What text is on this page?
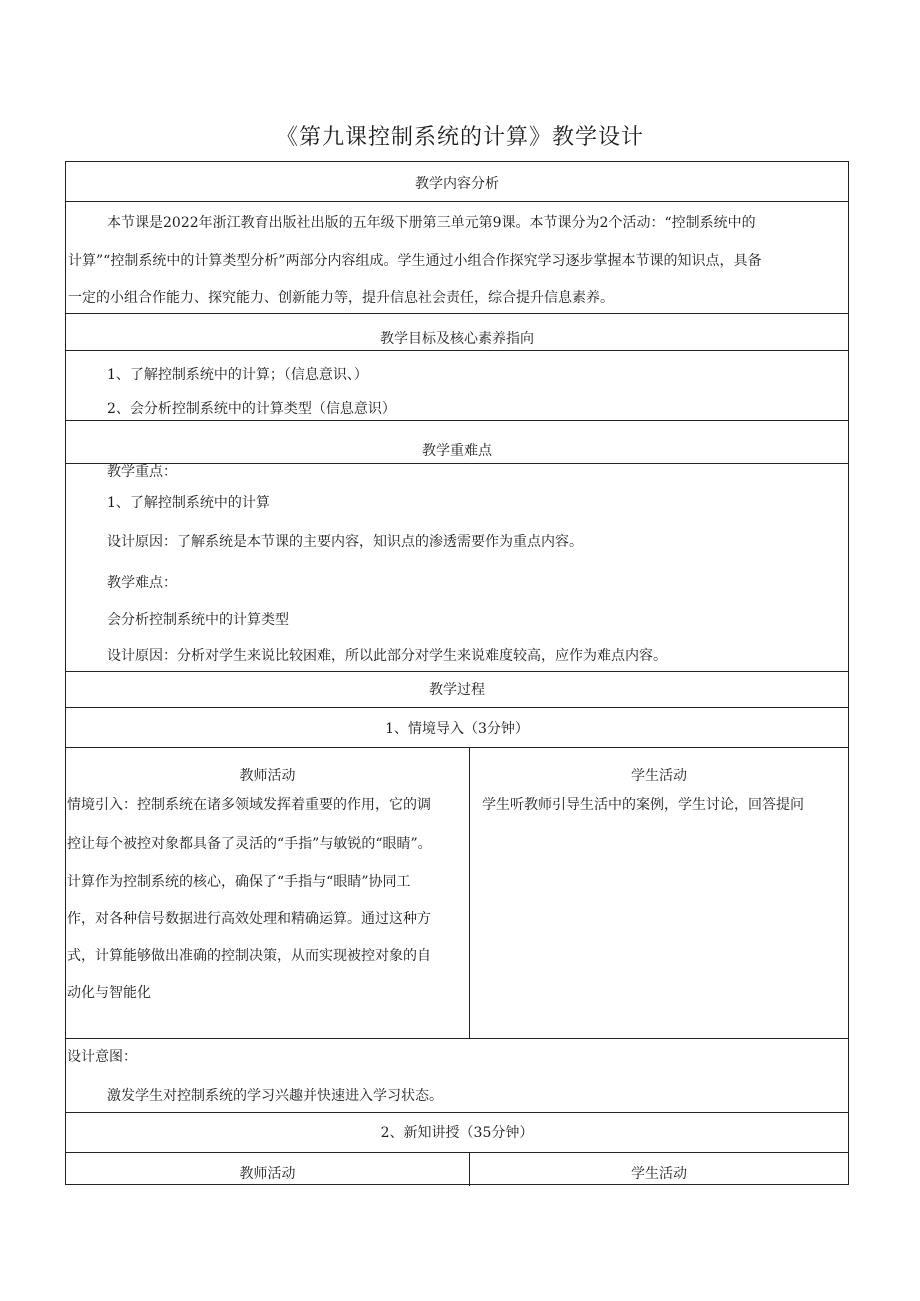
《第九课控制系统的计算》教学设计
教学内容分析
本节课是2022年浙江教育出版社出版的五年级下册第三单元第9课。本节课分为2个活动：“控制系统中的
计算”“控制系统中的计算类型分析”两部分内容组成。学生通过小组合作探究学习逐步掌握本节课的知识点，具备
一定的小组合作能力、探究能力、创新能力等，提升信息社会责任，综合提升信息素养。
教学目标及核心素养指向
1、了解控制系统中的计算；（信息意识、）
2、会分析控制系统中的计算类型（信息意识）
教学重难点
教学重点：
1、了解控制系统中的计算
设计原因：了解系统是本节课的主要内容，知识点的渗透需要作为重点内容。
教学难点：
会分析控制系统中的计算类型
设计原因：分析对学生来说比较困难，所以此部分对学生来说难度较高，应作为难点内容。
教学过程
1、情境导入（3分钟）
教师活动	学生活动
情境引入：控制系统在诸多领域发挥着重要的作用，它的调
控让每个被控对象都具备了灵活的“手指”与敏锐的“眼睛”。
计算作为控制系统的核心，确保了“手指与“眼睛”协同工
作，对各种信号数据进行高效处理和精确运算。通过这种方
式，计算能够做出准确的控制决策，从而实现被控对象的自
动化与智能化
学生听教师引导生活中的案例，学生讨论，回答提问
设计意图：
激发学生对控制系统的学习兴趣并快速进入学习状态。
2、新知讲授（35分钟）
教师活动	学生活动
